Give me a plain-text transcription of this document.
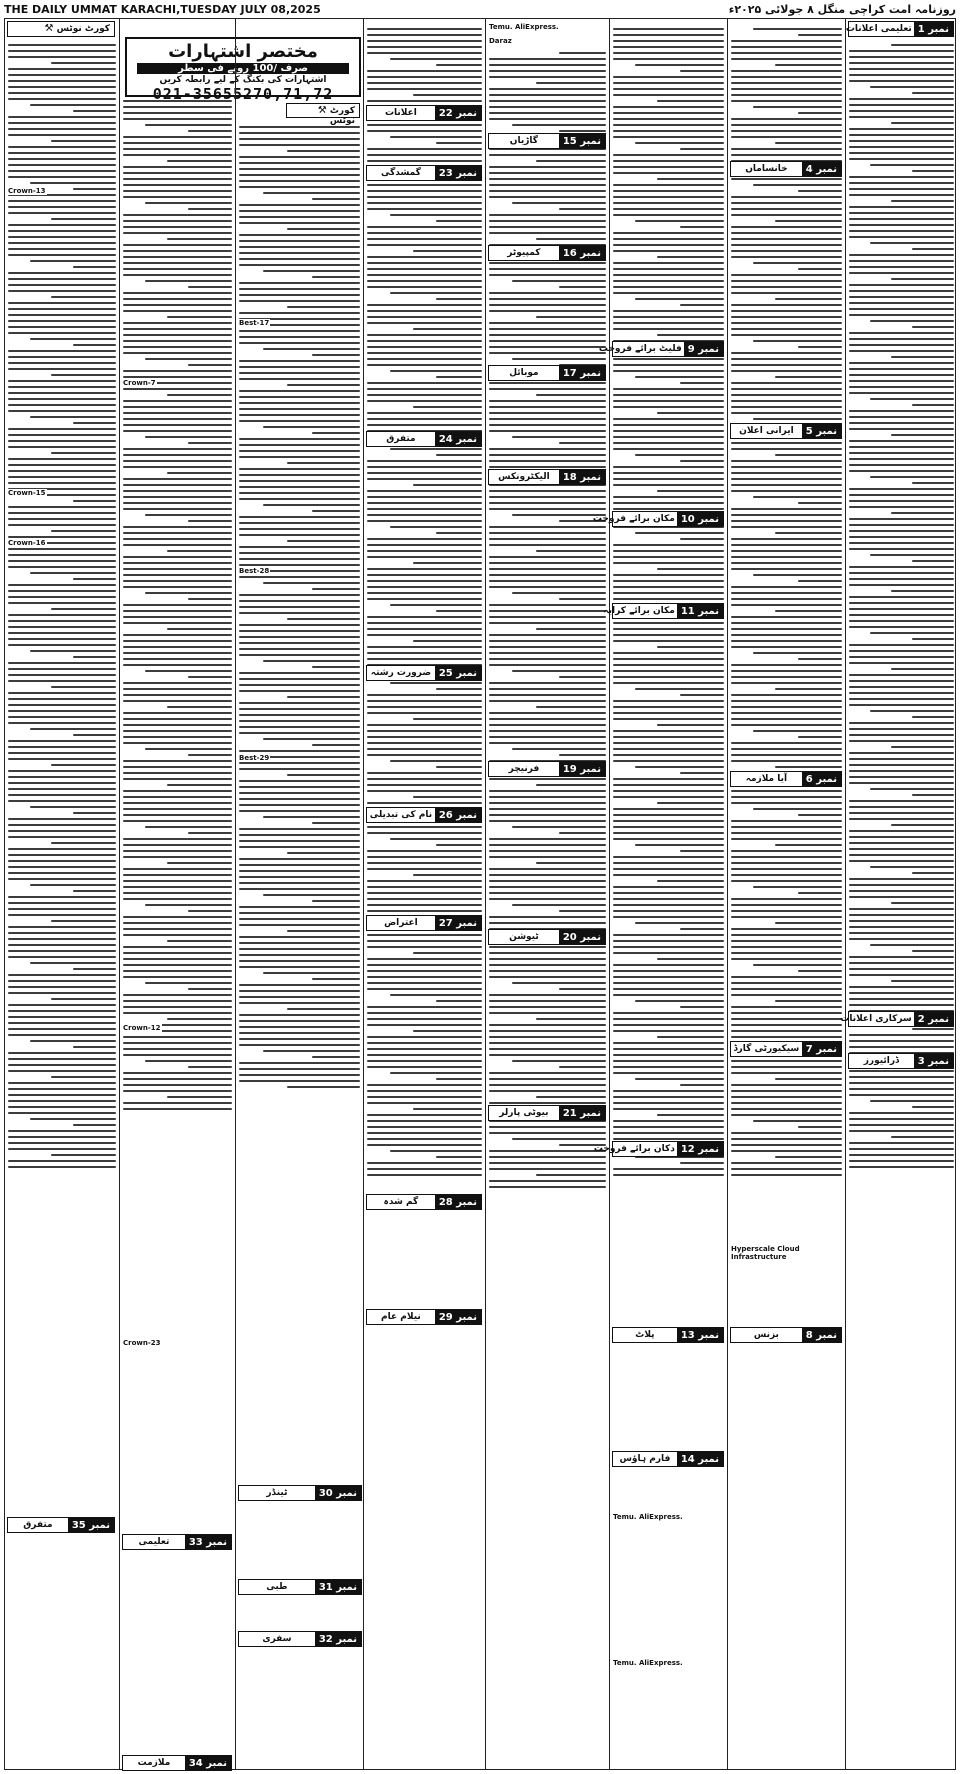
THE DAILY UMMAT KARACHI,TUESDAY JULY 08,2025	روزنامہ امت کراچی منگل ۸ جولائی ۲۰۲۵ء
⚒ کورٹ نوٹس
Crown-13
Crown-15
Crown-16
نمبر 35
متفرق
Crown-7
Crown-12
Crown-23
نمبر 33
تعلیمی
نمبر 34
ملازمت
مختصر اشتہارات
صرف /100 روپے فی سطر
اشتہارات کی بکنگ کے لیے رابطہ کریں
021-35655270,71,72
⚒ کورٹ نوٹس
Best-17
Best-28
Best-29
نمبر 30
ٹینڈر
نمبر 31
طبی
نمبر 32
سفری
نمبر 22
اعلانات
نمبر 23
گمشدگی
نمبر 24
متفرق
نمبر 25
ضرورت رشتہ
نمبر 26
نام کی تبدیلی
نمبر 27
اعتراض
نمبر 28
گم شدہ
نمبر 29
نیلام عام
Temu. AliExpress.
Daraz
نمبر 15
گاڑیاں
نمبر 16
کمپیوٹر
نمبر 17
موبائل
نمبر 18
الیکٹرونکس
نمبر 19
فرنیچر
نمبر 20
ٹیوشن
نمبر 21
بیوٹی پارلر
نمبر 9
فلیٹ برائے فروخت
نمبر 10
مکان برائے فروخت
نمبر 11
مکان برائے کرایہ
نمبر 12
دکان برائے فروخت
نمبر 13
پلاٹ
نمبر 14
فارم ہاؤس
Temu. AliExpress.
Temu. AliExpress.
نمبر 4
خانساماں
نمبر 5
ایرانی اعلان
نمبر 6
آیا ملازمہ
نمبر 7
سیکیورٹی گارڈ
Hyperscale Cloud Infrastructure
نمبر 8
بزنس
نمبر 1
تعلیمی اعلانات
نمبر 2
سرکاری اعلانات
نمبر 3
ڈرائیورز
